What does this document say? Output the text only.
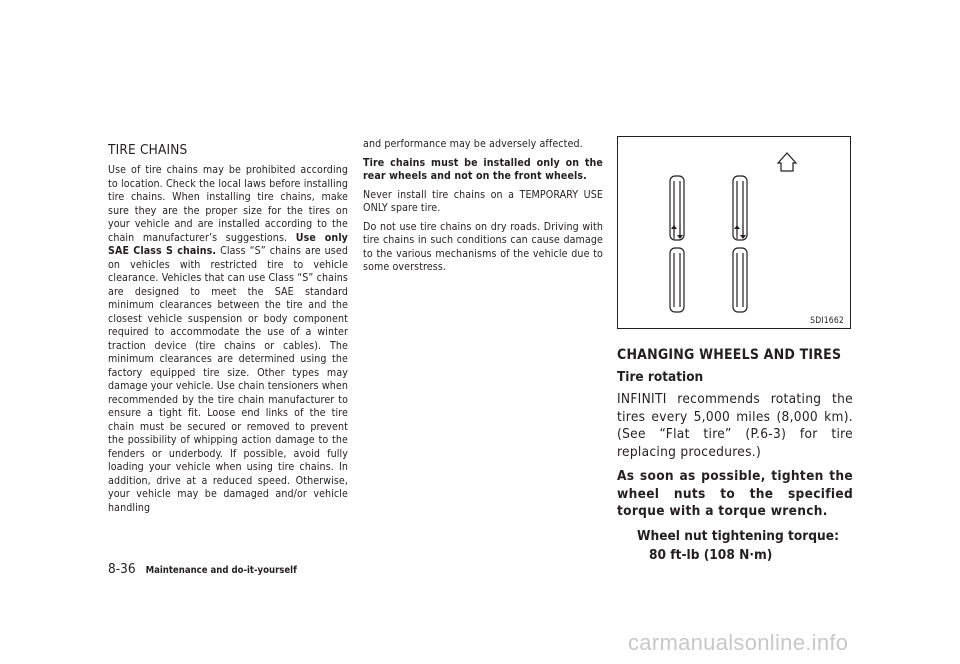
TIRE CHAINS

Use of tire chains may be prohibited according to location. Check the local laws before installing tire chains. When installing tire chains, make sure they are the proper size for the tires on your vehicle and are installed according to the chain manufacturer’s suggestions. Use only SAE Class S chains. Class “S” chains are used on vehicles with restricted tire to vehicle clearance. Vehicles that can use Class “S” chains are designed to meet the SAE standard minimum clearances between the tire and the closest vehicle suspension or body component required to accommodate the use of a winter traction device (tire chains or cables). The minimum clearances are determined using the factory equipped tire size. Other types may damage your vehicle. Use chain tensioners when recommended by the tire chain manufacturer to ensure a tight fit. Loose end links of the tire chain must be secured or removed to prevent the possibility of whipping action damage to the fenders or underbody. If possible, avoid fully loading your vehicle when using tire chains. In addition, drive at a reduced speed. Otherwise, your vehicle may be damaged and/or vehicle handling

and performance may be adversely affected.

Tire chains must be installed only on the rear wheels and not on the front wheels.

Never install tire chains on a TEMPORARY USE ONLY spare tire.

Do not use tire chains on dry roads. Driving with tire chains in such conditions can cause damage to the various mechanisms of the vehicle due to some overstress.

SDI1662
CHANGING WHEELS AND TIRES
Tire rotation

INFINITI recommends rotating the tires every 5,000 miles (8,000 km). (See “Flat tire” (P.6-3) for tire replacing procedures.)

As soon as possible, tighten the wheel nuts to the specified torque with a torque wrench.

Wheel nut tightening torque:
80 ft-lb (108 N·m)
8-36 Maintenance and do-it-yourself
carmanualsonline.info
